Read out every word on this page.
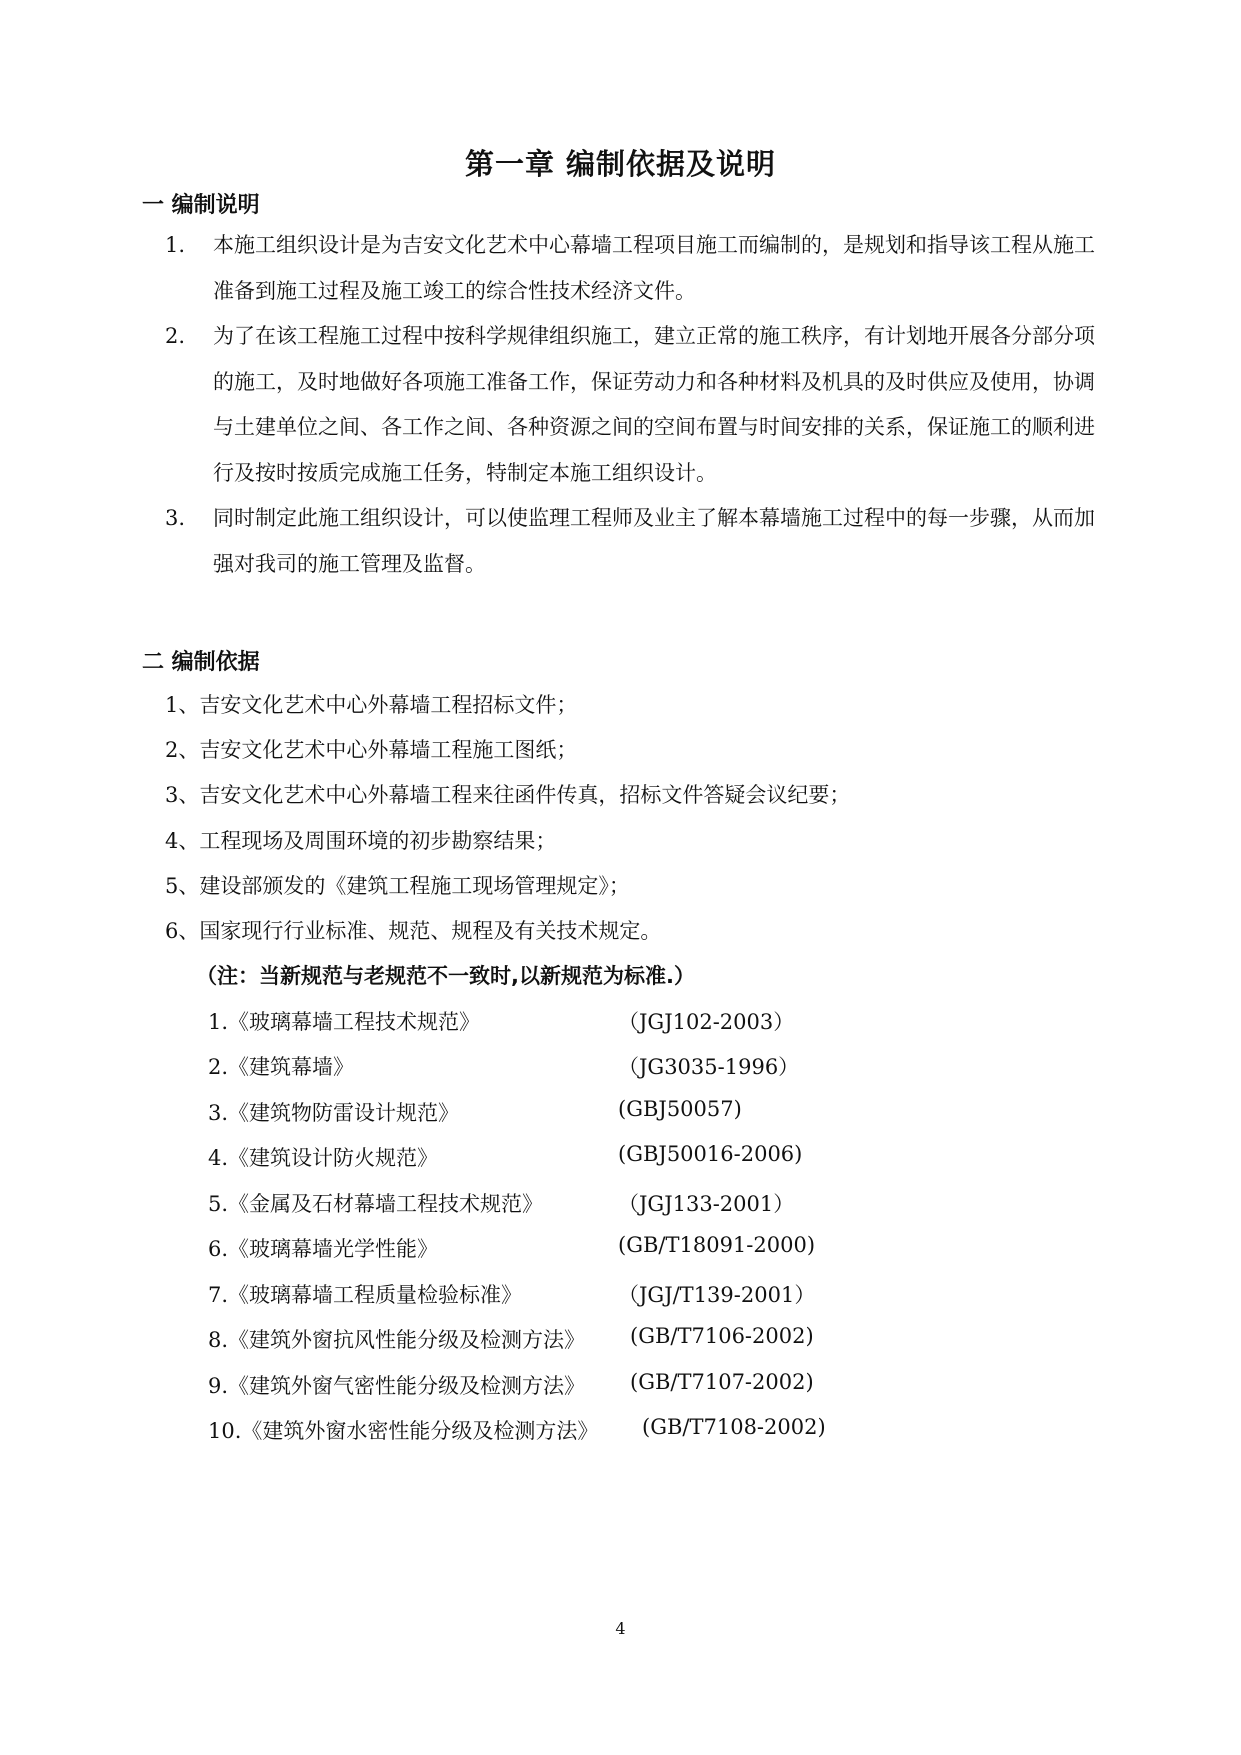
第一章 编制依据及说明
一 编制说明
1.	本施工组织设计是为吉安文化艺术中心幕墙工程项目施工而编制的，是规划和指导该工程从施工准备到施工过程及施工竣工的综合性技术经济文件。
2.	为了在该工程施工过程中按科学规律组织施工，建立正常的施工秩序，有计划地开展各分部分项的施工，及时地做好各项施工准备工作，保证劳动力和各种材料及机具的及时供应及使用，协调与土建单位之间、各工作之间、各种资源之间的空间布置与时间安排的关系，保证施工的顺利进行及按时按质完成施工任务，特制定本施工组织设计。
3.	同时制定此施工组织设计，可以使监理工程师及业主了解本幕墙施工过程中的每一步骤，从而加强对我司的施工管理及监督。
二 编制依据
1、吉安文化艺术中心外幕墙工程招标文件；
2、吉安文化艺术中心外幕墙工程施工图纸；
3、吉安文化艺术中心外幕墙工程来往函件传真，招标文件答疑会议纪要；
4、工程现场及周围环境的初步勘察结果；
5、建设部颁发的《建筑工程施工现场管理规定》；
6、国家现行行业标准、规范、规程及有关技术规定。
（注：当新规范与老规范不一致时,以新规范为标准.）
1.《玻璃幕墙工程技术规范》	（JGJ102-2003）
2.《建筑幕墙》	（JG3035-1996）
3.《建筑物防雷设计规范》	(GBJ50057)
4.《建筑设计防火规范》	(GBJ50016-2006)
5.《金属及石材幕墙工程技术规范》	（JGJ133-2001）
6.《玻璃幕墙光学性能》	(GB/T18091-2000)
7.《玻璃幕墙工程质量检验标准》	（JGJ/T139-2001）
8.《建筑外窗抗风性能分级及检测方法》 (GB/T7106-2002)
9.《建筑外窗气密性能分级及检测方法》 (GB/T7107-2002)
10.《建筑外窗水密性能分级及检测方法》 (GB/T7108-2002)
4
